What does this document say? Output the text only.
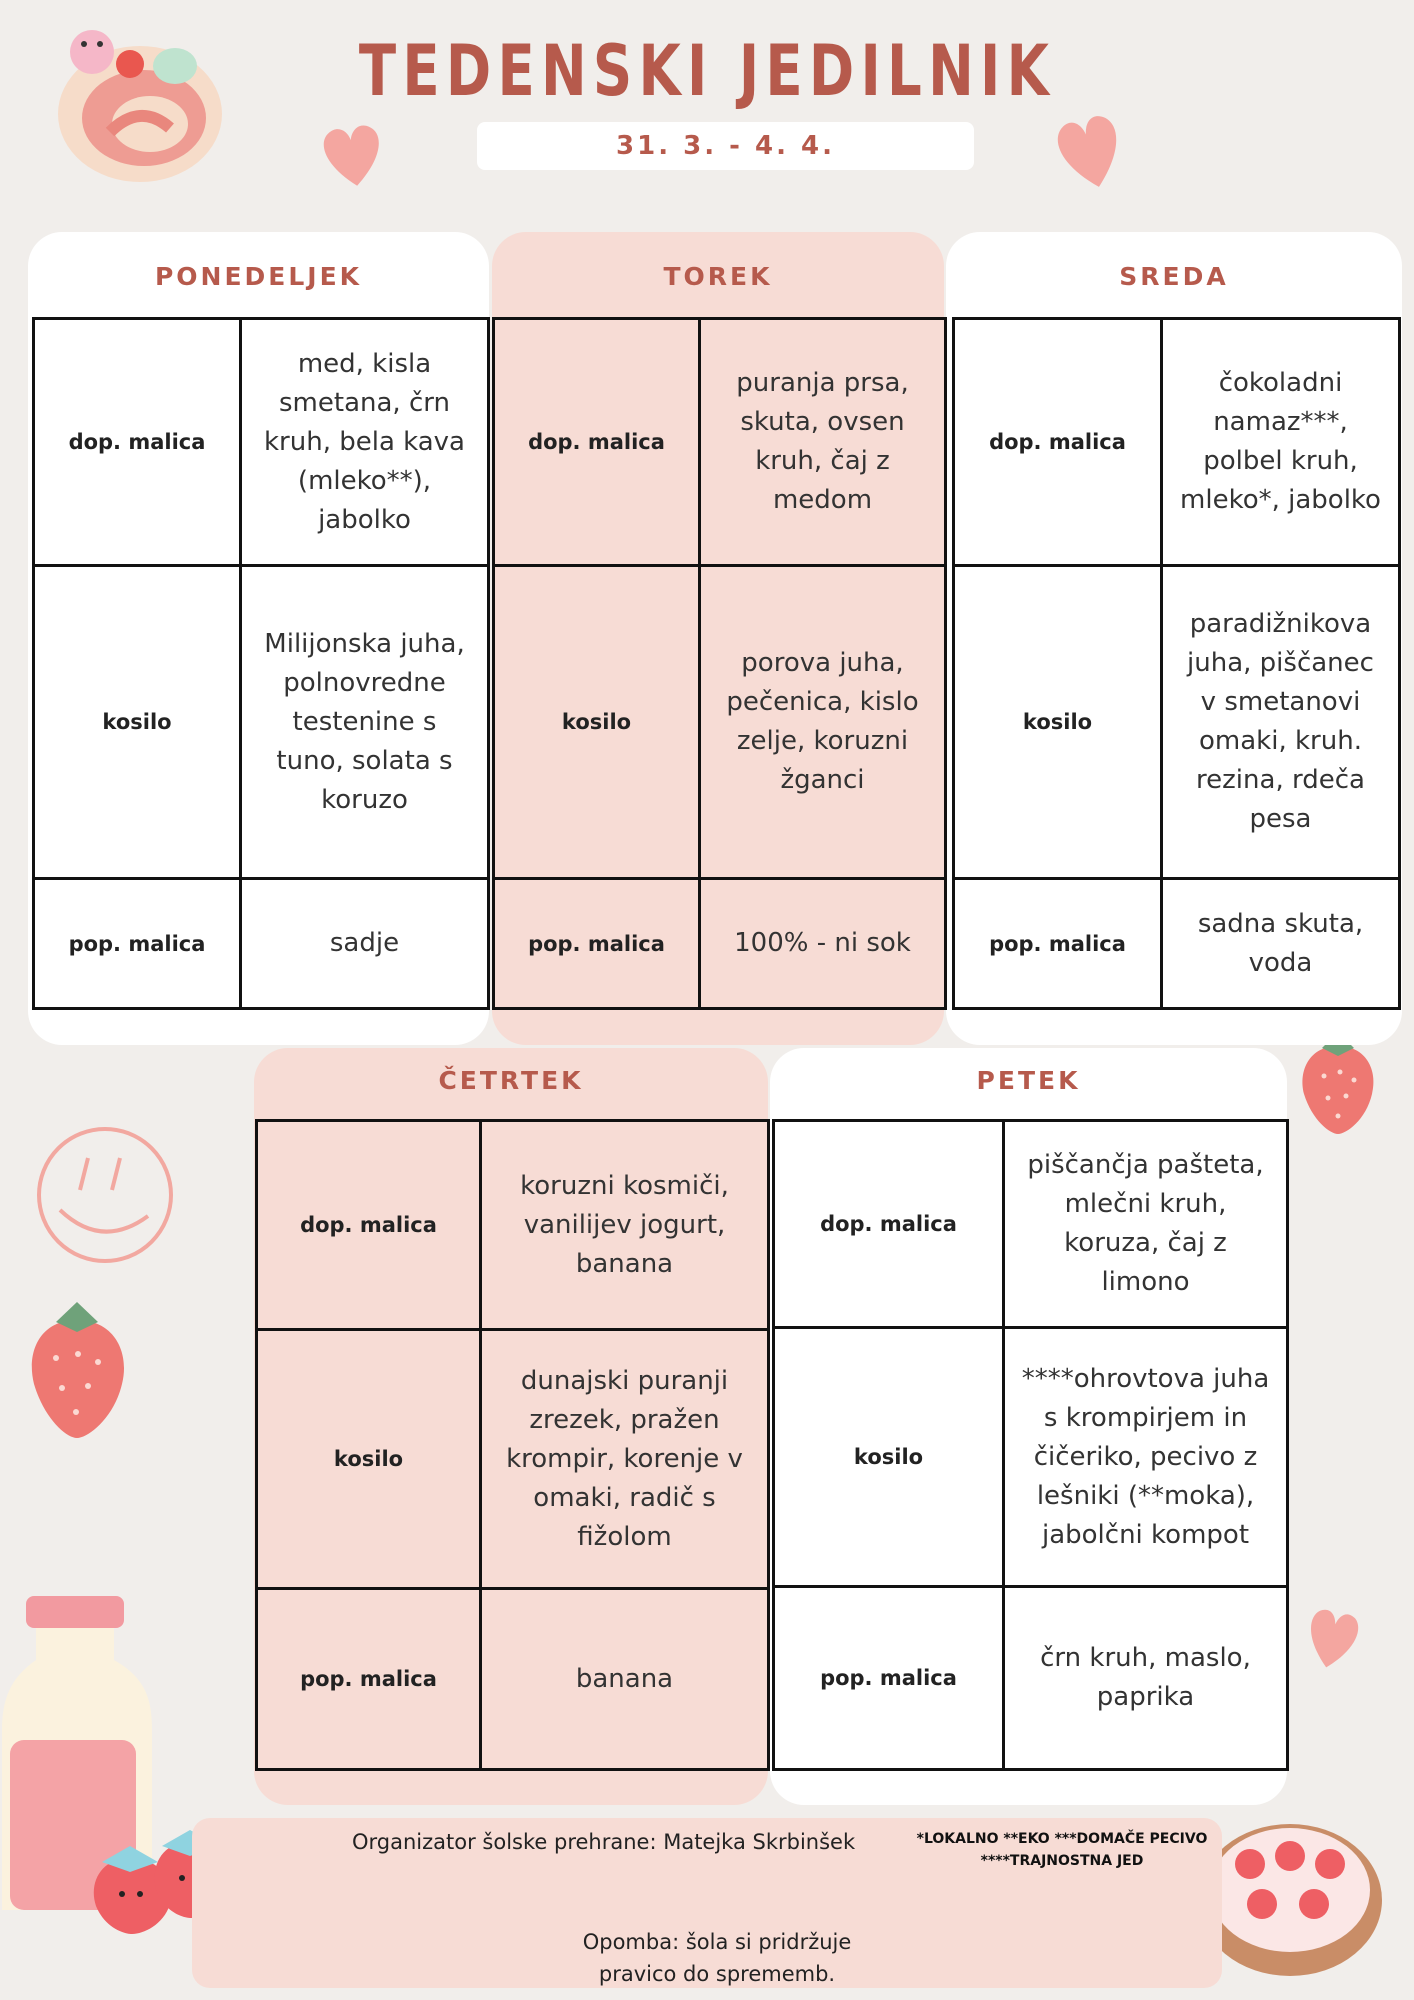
TEDENSKI JEDILNIK
31. 3. - 4. 4.
PONEDELJEK	TOREK	SREDA
ČETRTEK	PETEK
dop. malica	med, kisla smetana, črn kruh, bela kava (mleko**), jabolko
kosilo	Milijonska juha, polnovredne testenine s tuno, solata s koruzo
pop. malica	sadje
dop. malica	puranja prsa, skuta, ovsen kruh, čaj z medom
kosilo	porova juha, pečenica, kislo zelje, koruzni žganci
pop. malica	100% - ni sok
dop. malica	čokoladni namaz***, polbel kruh, mleko*, jabolko
kosilo	paradižnikova juha, piščanec v smetanovi omaki, kruh. rezina, rdeča pesa
pop. malica	sadna skuta, voda
dop. malica	koruzni kosmiči, vanilijev jogurt, banana
kosilo	dunajski puranji zrezek, pražen krompir, korenje v omaki, radič s fižolom
pop. malica	banana
dop. malica	piščančja pašteta, mlečni kruh, koruza, čaj z limono
kosilo	****ohrovtova juha s krompirjem in čičeriko, pecivo z lešniki (**moka), jabolčni kompot
pop. malica	črn kruh, maslo, paprika
Organizator šolske prehrane: Matejka Skrbinšek	*LOKALNO **EKO ***DOMAČE PECIVO
****TRAJNOSTNA JED
Opomba: šola si pridržuje pravico do sprememb.
